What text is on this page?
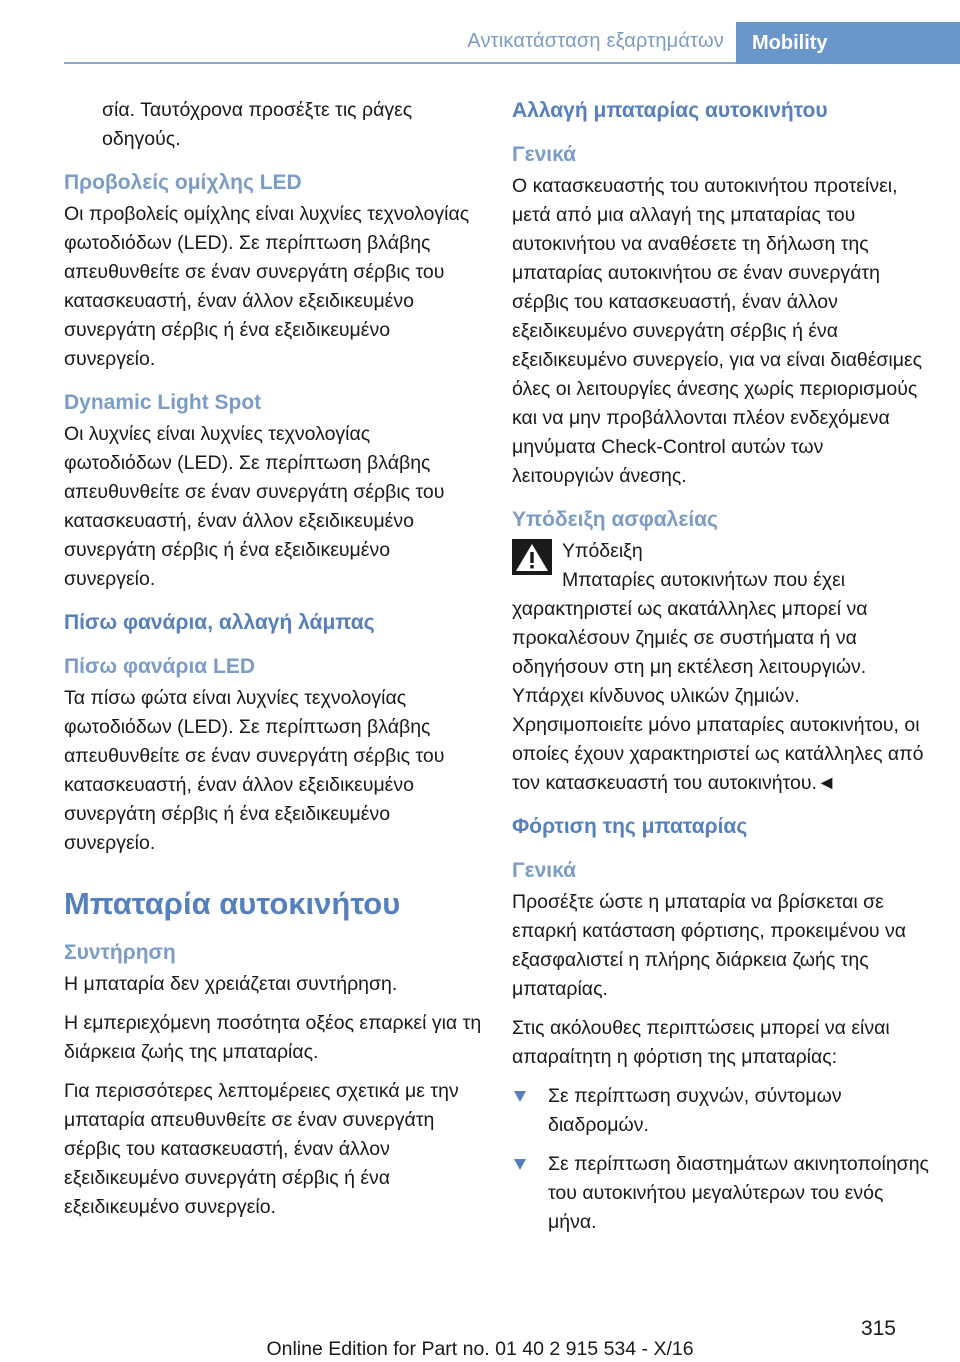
Αντικατάσταση εξαρτημάτων	Mobility

σία. Ταυτόχρονα προσέξτε τις ράγες οδηγούς.

Προβολείς ομίχλης LED

Οι προβολείς ομίχλης είναι λυχνίες τεχνολογίας φωτοδιόδων (LED). Σε περίπτωση βλάβης απευθυνθείτε σε έναν συνεργάτη σέρβις του κατασκευαστή, έναν άλλον εξειδικευμένο συνεργάτη σέρβις ή ένα εξειδικευμένο συνεργείο.

Dynamic Light Spot

Οι λυχνίες είναι λυχνίες τεχνολογίας φωτοδιόδων (LED). Σε περίπτωση βλάβης απευθυνθείτε σε έναν συνεργάτη σέρβις του κατασκευαστή, έναν άλλον εξειδικευμένο συνεργάτη σέρβις ή ένα εξειδικευμένο συνεργείο.

Πίσω φανάρια, αλλαγή λάμπας
Πίσω φανάρια LED

Τα πίσω φώτα είναι λυχνίες τεχνολογίας φωτοδιόδων (LED). Σε περίπτωση βλάβης απευθυνθείτε σε έναν συνεργάτη σέρβις του κατασκευαστή, έναν άλλον εξειδικευμένο συνεργάτη σέρβις ή ένα εξειδικευμένο συνεργείο.

Μπαταρία αυτοκινήτου
Συντήρηση

Η μπαταρία δεν χρειάζεται συντήρηση.

Η εμπεριεχόμενη ποσότητα οξέος επαρκεί για τη διάρκεια ζωής της μπαταρίας.

Για περισσότερες λεπτομέρειες σχετικά με την μπαταρία απευθυνθείτε σε έναν συνεργάτη σέρβις του κατασκευαστή, έναν άλλον εξειδικευμένο συνεργάτη σέρβις ή ένα εξειδικευμένο συνεργείο.

Αλλαγή μπαταρίας αυτοκινήτου
Γενικά

Ο κατασκευαστής του αυτοκινήτου προτείνει, μετά από μια αλλαγή της μπαταρίας του αυτοκινήτου να αναθέσετε τη δήλωση της μπαταρίας αυτοκινήτου σε έναν συνεργάτη σέρβις του κατασκευαστή, έναν άλλον εξειδικευμένο συνεργάτη σέρβις ή ένα εξειδικευμένο συνεργείο, για να είναι διαθέσιμες όλες οι λειτουργίες άνεσης χωρίς περιορισμούς και να μην προβάλλονται πλέον ενδεχόμενα μηνύματα Check-Control αυτών των λειτουργιών άνεσης.

Υπόδειξη ασφαλείας

Υπόδειξη

Μπαταρίες αυτοκινήτων που έχει χαρακτηριστεί ως ακατάλληλες μπορεί να προκαλέσουν ζημιές σε συστήματα ή να οδηγήσουν στη μη εκτέλεση λειτουργιών. Υπάρχει κίνδυνος υλικών ζημιών. Χρησιμοποιείτε μόνο μπαταρίες αυτοκινήτου, οι οποίες έχουν χαρακτηριστεί ως κατάλληλες από τον κατασκευαστή του αυτοκινήτου.◄

Φόρτιση της μπαταρίας
Γενικά

Προσέξτε ώστε η μπαταρία να βρίσκεται σε επαρκή κατάσταση φόρτισης, προκειμένου να εξασφαλιστεί η πλήρης διάρκεια ζωής της μπαταρίας.

Στις ακόλουθες περιπτώσεις μπορεί να είναι απαραίτητη η φόρτιση της μπαταρίας:

Σε περίπτωση συχνών, σύντομων διαδρομών.
Σε περίπτωση διαστημάτων ακινητοποίησης του αυτοκινήτου μεγαλύτερων του ενός μήνα.
315
Online Edition for Part no. 01 40 2 915 534 - X/16
